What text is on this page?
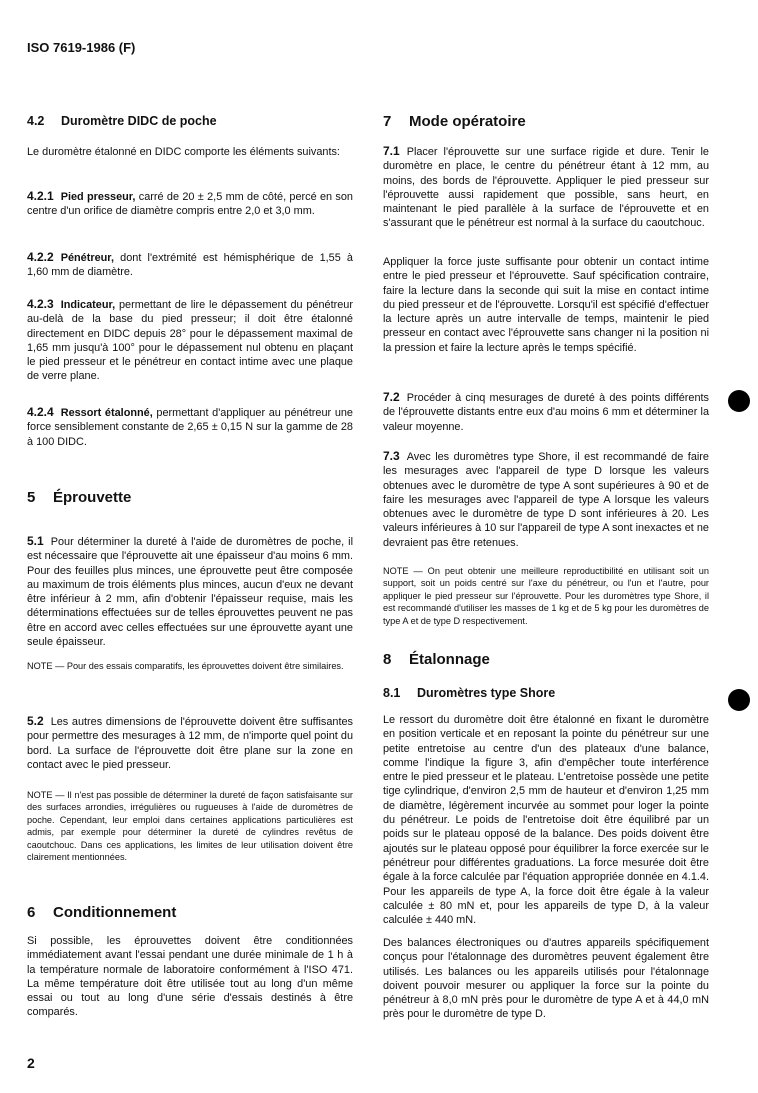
ISO 7619-1986 (F)
4.2 Duromètre DIDC de poche
Le duromètre étalonné en DIDC comporte les éléments suivants:
4.2.1 Pied presseur, carré de 20 ± 2,5 mm de côté, percé en son centre d'un orifice de diamètre compris entre 2,0 et 3,0 mm.
4.2.2 Pénétreur, dont l'extrémité est hémisphérique de 1,55 à 1,60 mm de diamètre.
4.2.3 Indicateur, permettant de lire le dépassement du pénétreur au-delà de la base du pied presseur; il doit être étalonné directement en DIDC depuis 28° pour le dépassement maximal de 1,65 mm jusqu'à 100° pour le dépassement nul obtenu en plaçant le pied presseur et le pénétreur en contact intime avec une plaque de verre plane.
4.2.4 Ressort étalonné, permettant d'appliquer au pénétreur une force sensiblement constante de 2,65 ± 0,15 N sur la gamme de 28 à 100 DIDC.
5 Éprouvette
5.1 Pour déterminer la dureté à l'aide de duromètres de poche, il est nécessaire que l'éprouvette ait une épaisseur d'au moins 6 mm. Pour des feuilles plus minces, une éprouvette peut être composée au maximum de trois éléments plus minces, aucun d'eux ne devant être inférieur à 2 mm, afin d'obtenir l'épaisseur requise, mais les déterminations effectuées sur de telles éprouvettes peuvent ne pas être en accord avec celles effectuées sur une éprouvette ayant une seule épaisseur.
NOTE — Pour des essais comparatifs, les éprouvettes doivent être similaires.
5.2 Les autres dimensions de l'éprouvette doivent être suffisantes pour permettre des mesurages à 12 mm, de n'importe quel point du bord. La surface de l'éprouvette doit être plane sur la zone en contact avec le pied presseur.
NOTE — Il n'est pas possible de déterminer la dureté de façon satisfaisante sur des surfaces arrondies, irrégulières ou rugueuses à l'aide de duromètres de poche. Cependant, leur emploi dans certaines applications particulières est admis, par exemple pour déterminer la dureté de cylindres revêtus de caoutchouc. Dans ces applications, les limites de leur utilisation doivent être clairement mentionnées.
6 Conditionnement
Si possible, les éprouvettes doivent être conditionnées immédiatement avant l'essai pendant une durée minimale de 1 h à la température normale de laboratoire conformément à l'ISO 471. La même température doit être utilisée tout au long d'un même essai ou tout au long d'une série d'essais destinés à être comparés.
2
7 Mode opératoire
7.1 Placer l'éprouvette sur une surface rigide et dure. Tenir le duromètre en place, le centre du pénétreur étant à 12 mm, au moins, des bords de l'éprouvette. Appliquer le pied presseur sur l'éprouvette aussi rapidement que possible, sans heurt, en maintenant le pied parallèle à la surface de l'éprouvette et en s'assurant que le pénétreur est normal à la surface du caoutchouc.
Appliquer la force juste suffisante pour obtenir un contact intime entre le pied presseur et l'éprouvette. Sauf spécification contraire, faire la lecture dans la seconde qui suit la mise en contact intime du pied presseur et de l'éprouvette. Lorsqu'il est spécifié d'effectuer la lecture après un autre intervalle de temps, maintenir le pied presseur en contact avec l'éprouvette sans changer ni la position ni la pression et faire la lecture après le temps spécifié.
7.2 Procéder à cinq mesurages de dureté à des points différents de l'éprouvette distants entre eux d'au moins 6 mm et déterminer la valeur moyenne.
7.3 Avec les duromètres type Shore, il est recommandé de faire les mesurages avec l'appareil de type D lorsque les valeurs obtenues avec le duromètre de type A sont supérieures à 90 et de faire les mesurages avec l'appareil de type A lorsque les valeurs obtenues avec le duromètre de type D sont inférieures à 20. Les valeurs inférieures à 10 sur l'appareil de type A sont inexactes et ne devraient pas être retenues.
NOTE — On peut obtenir une meilleure reproductibilité en utilisant soit un support, soit un poids centré sur l'axe du pénétreur, ou l'un et l'autre, pour appliquer le pied presseur sur l'éprouvette. Pour les duromètres type Shore, il est recommandé d'utiliser les masses de 1 kg et de 5 kg pour les duromètres de type A et de type D respectivement.
8 Étalonnage
8.1 Duromètres type Shore
Le ressort du duromètre doit être étalonné en fixant le duromètre en position verticale et en reposant la pointe du pénétreur sur une petite entretoise au centre d'un des plateaux d'une balance, comme l'indique la figure 3, afin d'empêcher toute interférence entre le pied presseur et le plateau. L'entretoise possède une petite tige cylindrique, d'environ 2,5 mm de hauteur et d'environ 1,25 mm de diamètre, légèrement incurvée au sommet pour loger la pointe du pénétreur. Le poids de l'entretoise doit être équilibré par un poids sur le plateau opposé de la balance. Des poids doivent être ajoutés sur le plateau opposé pour équilibrer la force exercée sur le pénétreur pour différentes graduations. La force mesurée doit être égale à la force calculée par l'équation appropriée donnée en 4.1.4. Pour les appareils de type A, la force doit être égale à la valeur calculée ± 80 mN et, pour les appareils de type D, à la valeur calculée ± 440 mN.
Des balances électroniques ou d'autres appareils spécifiquement conçus pour l'étalonnage des duromètres peuvent également être utilisés. Les balances ou les appareils utilisés pour l'étalonnage doivent pouvoir mesurer ou appliquer la force sur la pointe du pénétreur à 8,0 mN près pour le duromètre de type A et à 44,0 mN près pour le duromètre de type D.
